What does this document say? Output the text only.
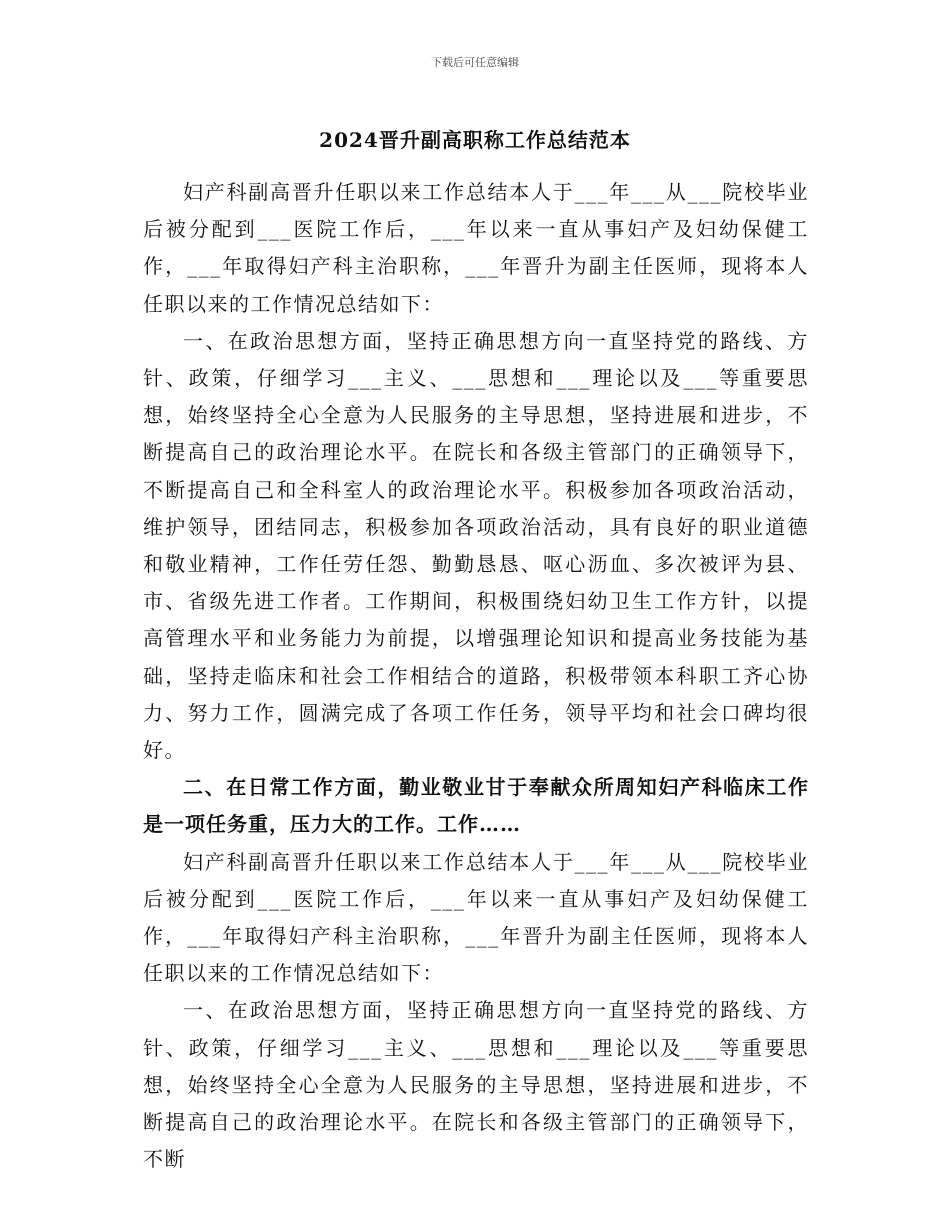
下载后可任意编辑
2024晋升副高职称工作总结范本

妇产科副高晋升任职以来工作总结本人于___年___从___院校毕业后被分配到___医院工作后，___年以来一直从事妇产及妇幼保健工作，___年取得妇产科主治职称，___年晋升为副主任医师，现将本人任职以来的工作情况总结如下：

一、在政治思想方面，坚持正确思想方向一直坚持党的路线、方针、政策，仔细学习___主义、___思想和___理论以及___等重要思想，始终坚持全心全意为人民服务的主导思想，坚持进展和进步，不断提高自己的政治理论水平。在院长和各级主管部门的正确领导下，不断提高自己和全科室人的政治理论水平。积极参加各项政治活动，维护领导，团结同志，积极参加各项政治活动，具有良好的职业道德和敬业精神，工作任劳任怨、勤勤恳恳、呕心沥血、多次被评为县、市、省级先进工作者。工作期间，积极围绕妇幼卫生工作方针，以提高管理水平和业务能力为前提，以增强理论知识和提高业务技能为基础，坚持走临床和社会工作相结合的道路，积极带领本科职工齐心协力、努力工作，圆满完成了各项工作任务，领导平均和社会口碑均很好。

二、在日常工作方面，勤业敬业甘于奉献众所周知妇产科临床工作是一项任务重，压力大的工作。工作……

妇产科副高晋升任职以来工作总结本人于___年___从___院校毕业后被分配到___医院工作后，___年以来一直从事妇产及妇幼保健工作，___年取得妇产科主治职称，___年晋升为副主任医师，现将本人任职以来的工作情况总结如下：

一、在政治思想方面，坚持正确思想方向一直坚持党的路线、方针、政策，仔细学习___主义、___思想和___理论以及___等重要思想，始终坚持全心全意为人民服务的主导思想，坚持进展和进步，不断提高自己的政治理论水平。在院长和各级主管部门的正确领导下，不断
